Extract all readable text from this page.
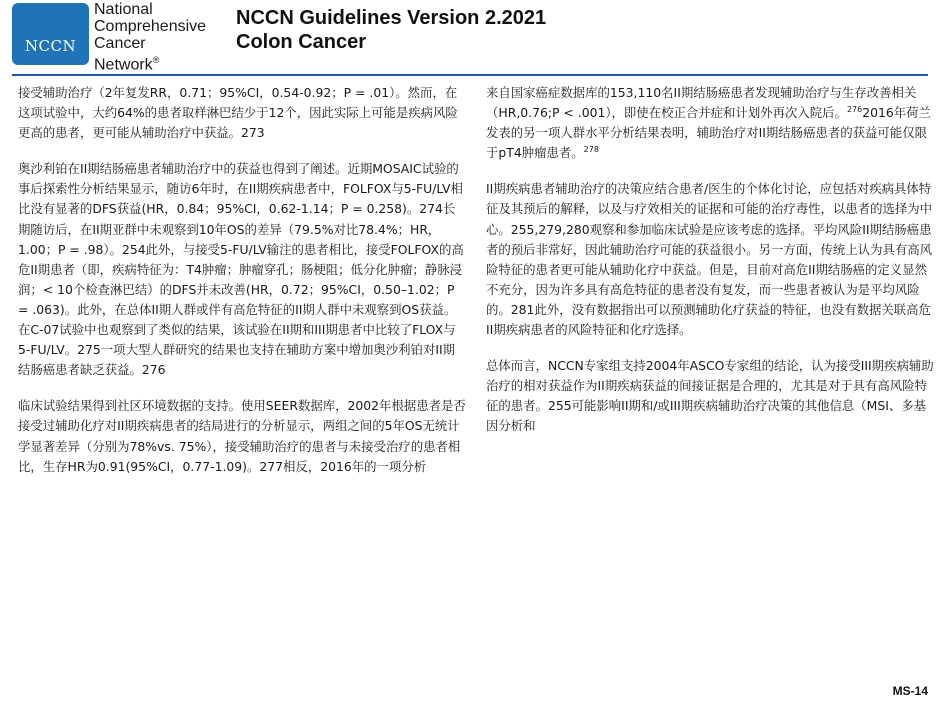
NCCN
National
Comprehensive
Cancer
Network®
NCCN Guidelines Version 2.2021
Colon Cancer

接受辅助治疗（2年复发RR，0.71；95%CI，0.54-0.92；P = .01）。然而，在这项试验中，大约64%的患者取样淋巴结少于12个，因此实际上可能是疾病风险更高的患者，更可能从辅助治疗中获益。273

奥沙利铂在II期结肠癌患者辅助治疗中的获益也得到了阐述。近期MOSAIC试验的事后探索性分析结果显示，随访6年时，在II期疾病患者中，FOLFOX与5-FU/LV相比没有显著的DFS获益(HR，0.84；95%CI，0.62-1.14；P = 0.258)。274长期随访后，在II期亚群中未观察到10年OS的差异（79.5%对比78.4%；HR，1.00；P = .98）。254此外，与接受5-FU/LV输注的患者相比，接受FOLFOX的高危II期患者（即，疾病特征为：T4肿瘤；肿瘤穿孔；肠梗阻；低分化肿瘤；静脉浸润；< 10个检查淋巴结）的DFS并未改善(HR，0.72；95%CI，0.50–1.02；P = .063)。此外，在总体II期人群或伴有高危特征的II期人群中未观察到OS获益。在C-07试验中也观察到了类似的结果，该试验在II期和III期患者中比较了FLOX与5-FU/LV。275一项大型人群研究的结果也支持在辅助方案中增加奥沙利铂对II期结肠癌患者缺乏获益。276

临床试验结果得到社区环境数据的支持。使用SEER数据库，2002年根据患者是否接受过辅助化疗对II期疾病患者的结局进行的分析显示，两组之间的5年OS无统计学显著差异（分别为78%vs. 75%），接受辅助治疗的患者与未接受治疗的患者相比，生存HR为0.91(95%CI，0.77-1.09)。277相反，2016年的一项分析

来自国家癌症数据库的153,110名II期结肠癌患者发现辅助治疗与生存改善相关（HR,0.76;P < .001），即使在校正合并症和计划外再次入院后。$^{276}$2016年荷兰发表的另一项人群水平分析结果表明，辅助治疗对II期结肠癌患者的获益可能仅限于pT4肿瘤患者。$^{278}$

II期疾病患者辅助治疗的决策应结合患者/医生的个体化讨论，应包括对疾病具体特征及其预后的解释，以及与疗效相关的证据和可能的治疗毒性，以患者的选择为中心。255,279,280观察和参加临床试验是应该考虑的选择。平均风险II期结肠癌患者的预后非常好，因此辅助治疗可能的获益很小。另一方面，传统上认为具有高风险特征的患者更可能从辅助化疗中获益。但是，目前对高危II期结肠癌的定义显然不充分，因为许多具有高危特征的患者没有复发，而一些患者被认为是平均风险的。281此外，没有数据指出可以预测辅助化疗获益的特征，也没有数据关联高危II期疾病患者的风险特征和化疗选择。

总体而言，NCCN专家组支持2004年ASCO专家组的结论，认为接受III期疾病辅助治疗的相对获益作为II期疾病获益的间接证据是合理的，尤其是对于具有高风险特征的患者。255可能影响II期和/或III期疾病辅助治疗决策的其他信息（MSI、多基因分析和

MS-14
